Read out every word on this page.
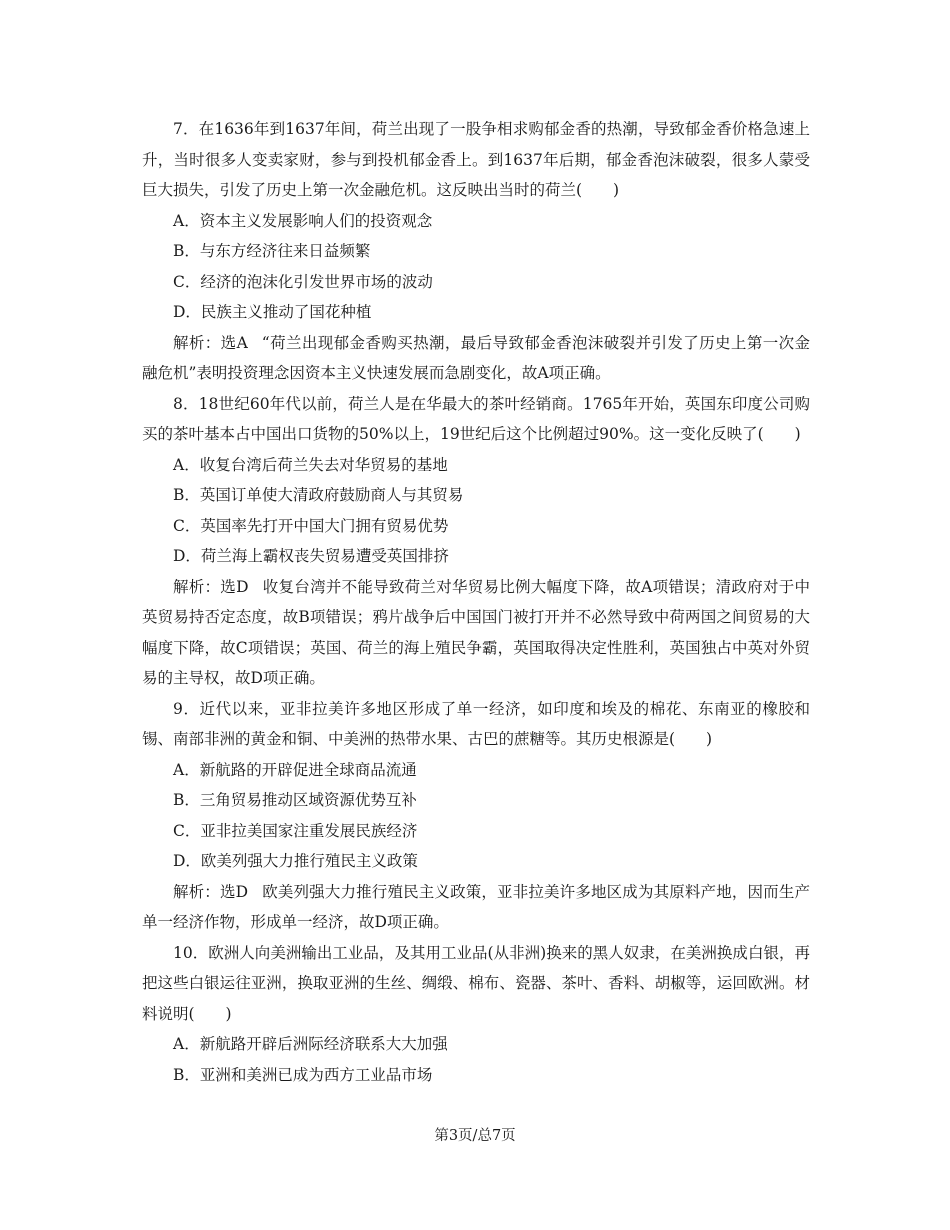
7．在1636年到1637年间，荷兰出现了一股争相求购郁金香的热潮，导致郁金香价格急速上升，当时很多人变卖家财，参与到投机郁金香上。到1637年后期，郁金香泡沫破裂，很多人蒙受巨大损失，引发了历史上第一次金融危机。这反映出当时的荷兰(　　)

A．资本主义发展影响人们的投资观念

B．与东方经济往来日益频繁

C．经济的泡沫化引发世界市场的波动

D．民族主义推动了国花种植

解析：选A “荷兰出现郁金香购买热潮，最后导致郁金香泡沫破裂并引发了历史上第一次金融危机”表明投资理念因资本主义快速发展而急剧变化，故A项正确。

8．18世纪60年代以前，荷兰人是在华最大的茶叶经销商。1765年开始，英国东印度公司购买的茶叶基本占中国出口货物的50%以上，19世纪后这个比例超过90%。这一变化反映了(　　)

A．收复台湾后荷兰失去对华贸易的基地

B．英国订单使大清政府鼓励商人与其贸易

C．英国率先打开中国大门拥有贸易优势

D．荷兰海上霸权丧失贸易遭受英国排挤

解析：选D 收复台湾并不能导致荷兰对华贸易比例大幅度下降，故A项错误；清政府对于中英贸易持否定态度，故B项错误；鸦片战争后中国国门被打开并不必然导致中荷两国之间贸易的大幅度下降，故C项错误；英国、荷兰的海上殖民争霸，英国取得决定性胜利，英国独占中英对外贸易的主导权，故D项正确。

9．近代以来，亚非拉美许多地区形成了单一经济，如印度和埃及的棉花、东南亚的橡胶和锡、南部非洲的黄金和铜、中美洲的热带水果、古巴的蔗糖等。其历史根源是(　　)

A．新航路的开辟促进全球商品流通

B．三角贸易推动区域资源优势互补

C．亚非拉美国家注重发展民族经济

D．欧美列强大力推行殖民主义政策

解析：选D 欧美列强大力推行殖民主义政策，亚非拉美许多地区成为其原料产地，因而生产单一经济作物，形成单一经济，故D项正确。

10．欧洲人向美洲输出工业品，及其用工业品(从非洲)换来的黑人奴隶，在美洲换成白银，再把这些白银运往亚洲，换取亚洲的生丝、绸缎、棉布、瓷器、茶叶、香料、胡椒等，运回欧洲。材料说明(　　)

A．新航路开辟后洲际经济联系大大加强

B．亚洲和美洲已成为西方工业品市场

第3页/总7页
